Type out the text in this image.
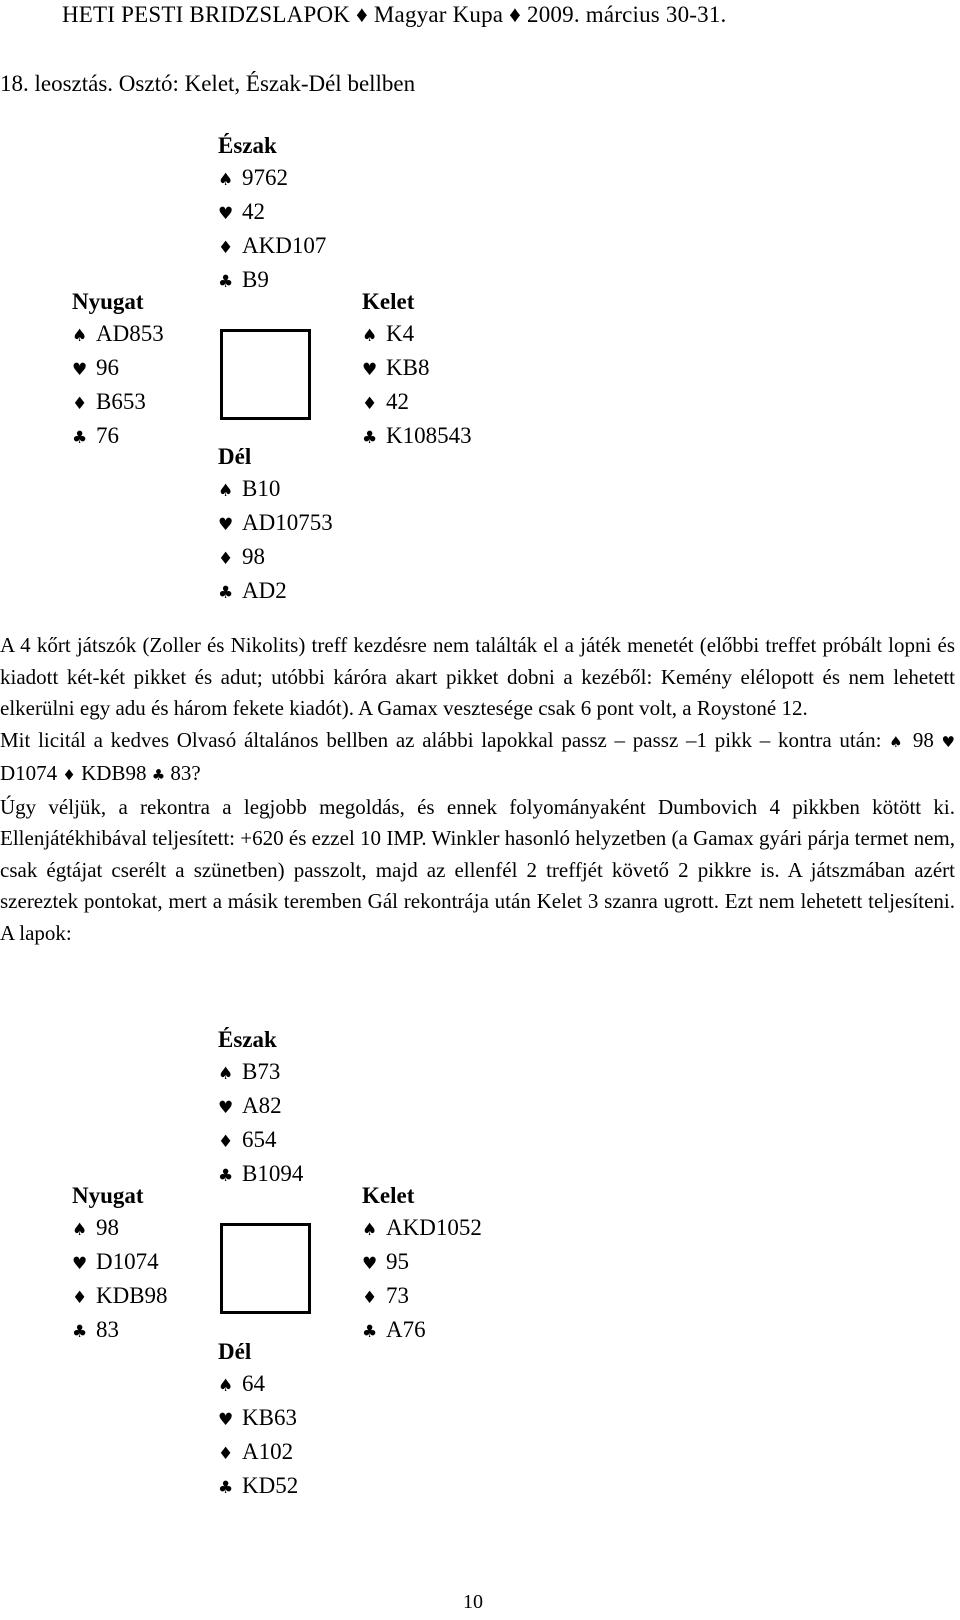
HETI PESTI BRIDZSLAPOK ♦ Magyar Kupa ♦ 2009. március 30-31.
18. leosztás. Osztó: Kelet, Észak-Dél bellben
Észak
♠ 9762
♥ 42
♦ AKD107
♣ B9
Nyugat
♠ AD853
♥ 96
♦ B653
♣ 76
Kelet
♠ K4
♥ KB8
♦ 42
♣ K108543
Dél
♠ B10
♥ AD10753
♦ 98
♣ AD2

A 4 kőrt játszók (Zoller és Nikolits) treff kezdésre nem találták el a játék menetét (előbbi treffet próbált lopni és kiadott két-két pikket és adut; utóbbi káróra akart pikket dobni a kezéből: Kemény elélopott és nem lehetett elkerülni egy adu és három fekete kiadót). A Gamax vesztesége csak 6 pont volt, a Roystoné 12.

Mit licitál a kedves Olvasó általános bellben az alábbi lapokkal passz – passz –1 pikk – kontra után: ♠ 98 ♥ D1074 ♦ KDB98 ♣ 83?

Úgy véljük, a rekontra a legjobb megoldás, és ennek folyományaként Dumbovich 4 pikkben kötött ki. Ellenjátékhibával teljesített: +620 és ezzel 10 IMP. Winkler hasonló helyzetben (a Gamax gyári párja termet nem, csak égtájat cserélt a szünetben) passzolt, majd az ellenfél 2 treffjét követő 2 pikkre is. A játszmában azért szereztek pontokat, mert a másik teremben Gál rekontrája után Kelet 3 szanra ugrott. Ezt nem lehetett teljesíteni. A lapok:

Észak
♠ B73
♥ A82
♦ 654
♣ B1094
Nyugat
♠ 98
♥ D1074
♦ KDB98
♣ 83
Kelet
♠ AKD1052
♥ 95
♦ 73
♣ A76
Dél
♠ 64
♥ KB63
♦ A102
♣ KD52
10
